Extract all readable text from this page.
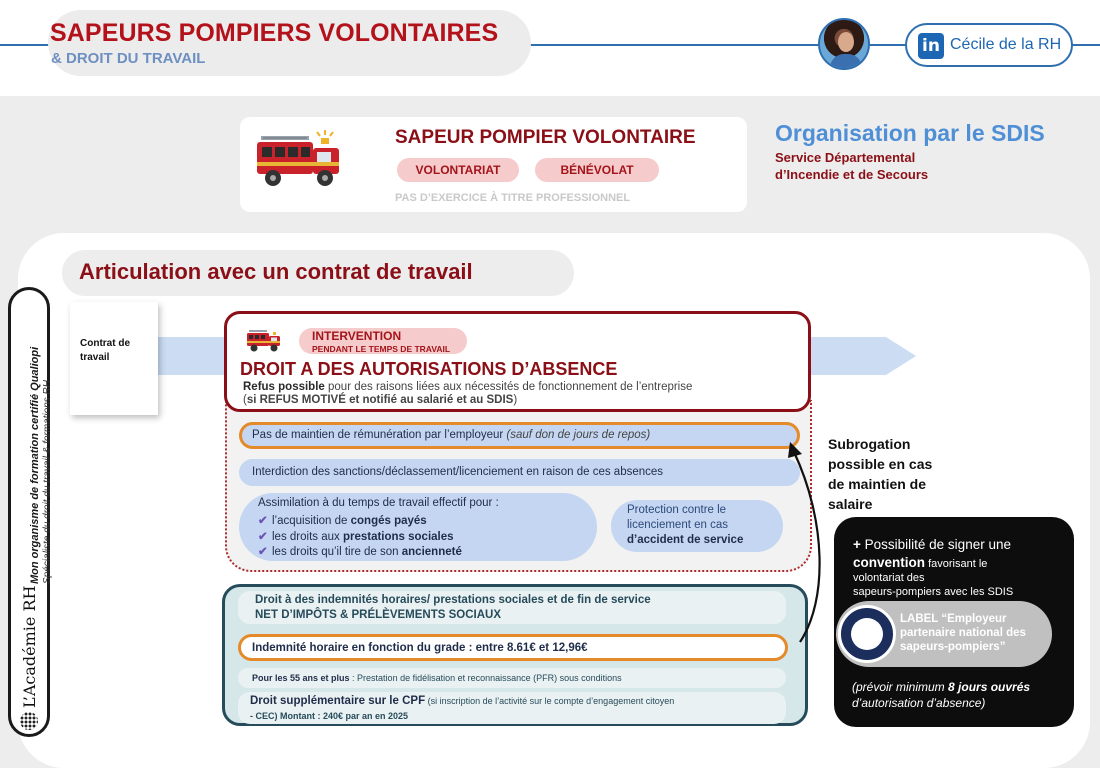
SAPEURS POMPIERS VOLONTAIRES
& DROIT DU TRAVAIL
in Cécile de la RH
SAPEUR POMPIER VOLONTAIRE
VOLONTARIAT	BÉNÉVOLAT
PAS D’EXERCICE À TITRE PROFESSIONNEL
Organisation par le SDIS
Service Départemental
d’Incendie et de Secours
Articulation avec un contrat de travail
Mon organisme de formation certifié Qualiopi Spécialiste du droit du travail & formations RH
L’Académie RH
Contrat de travail
INTERVENTION
PENDANT LE TEMPS DE TRAVAIL
DROIT A DES AUTORISATIONS D’ABSENCE
Refus possible pour des raisons liées aux nécessités de fonctionnement de l’entreprise
(si REFUS MOTIVÉ et notifié au salarié et au SDIS)
Pas de maintien de rémunération par l’employeur (sauf don de jours de repos)
Interdiction des sanctions/déclassement/licenciement en raison de ces absences
Assimilation à du temps de travail effectif pour :
✔ l’acquisition de congés payés
✔ les droits aux prestations sociales
✔ les droits qu’il tire de son ancienneté
Protection contre le licenciement en cas d’accident de service
Droit à des indemnités horaires/ prestations sociales et de fin de service
NET D’IMPÔTS & PRÉLÈVEMENTS SOCIAUX
Indemnité horaire en fonction du grade : entre 8.61€ et 12,96€
Pour les 55 ans et plus : Prestation de fidélisation et reconnaissance (PFR) sous conditions
Droit supplémentaire sur le CPF (si inscription de l’activité sur le compte d’engagement citoyen
- CEC) Montant : 240€ par an en 2025
Subrogation possible en cas de maintien de salaire
+ Possibilité de signer une
convention favorisant le
volontariat des
sapeurs-pompiers avec les SDIS
LABEL “Employeur partenaire national des sapeurs-pompiers”
(prévoir minimum 8 jours ouvrés d’autorisation d’absence)
